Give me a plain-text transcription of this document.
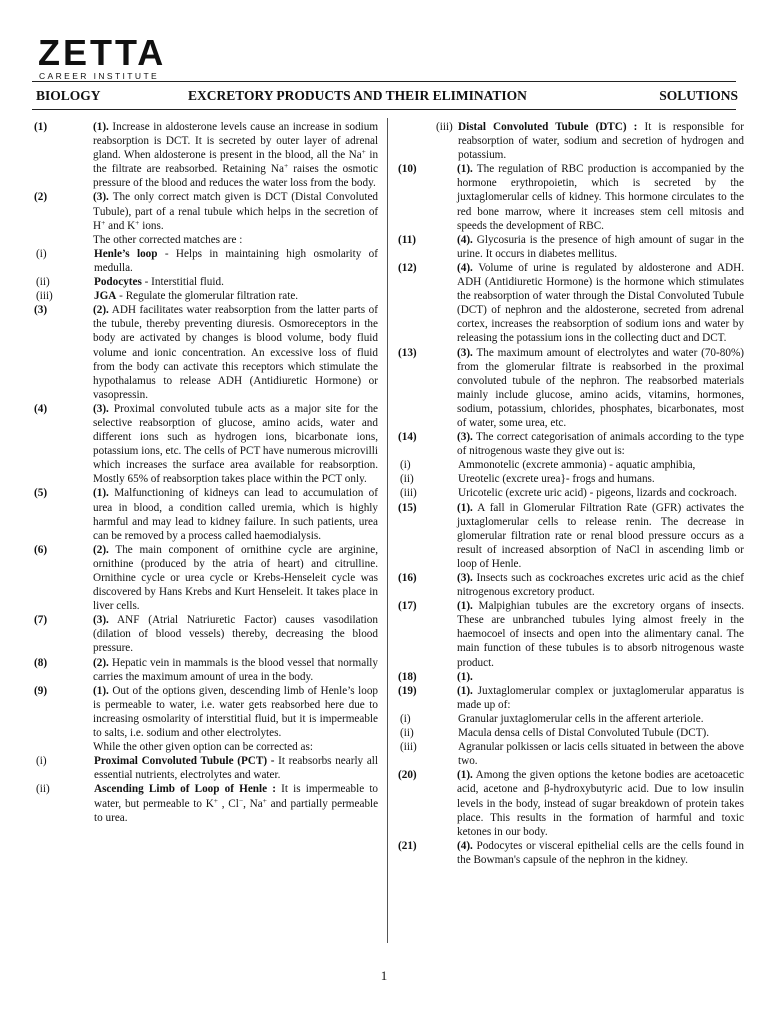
ZETTA
CAREER INSTITUTE
BIOLOGY	EXCRETORY PRODUCTS AND THEIR ELIMINATION	SOLUTIONS

(1)	(1). Increase in aldosterone levels cause an increase in sodium reabsorption is DCT. It is secreted by outer layer of adrenal gland. When aldosterone is present in the blood, all the Na+ in the filtrate are reabsorbed. Retaining Na+ raises the osmotic pressure of the blood and reduces the water loss from the body.

(2)	(3). The only correct match given is DCT (Distal Convoluted Tubule), part of a renal tubule which helps in the secretion of H+ and K+ ions.

The other corrected matches are :

(i)	Henle’s loop - Helps in maintaining high osmolarity of medulla.

(ii)	Podocytes - Interstitial fluid.

(iii)	JGA - Regulate the glomerular filtration rate.

(3)	(2). ADH facilitates water reabsorption from the latter parts of the tubule, thereby preventing diuresis. Osmoreceptors in the body are activated by changes is blood volume, body fluid volume and ionic concentration. An excessive loss of fluid from the body can activate this receptors which stimulate the hypothalamus to release ADH (Antidiuretic Hormone) or vasopressin.

(4)	(3). Proximal convoluted tubule acts as a major site for the selective reabsorption of glucose, amino acids, water and different ions such as hydrogen ions, bicarbonate ions, potassium ions, etc. The cells of PCT have numerous microvilli which increases the surface area available for reabsorption. Mostly 65% of reabsorption takes place within the PCT only.

(5)	(1). Malfunctioning of kidneys can lead to accumulation of urea in blood, a condition called uremia, which is highly harmful and may lead to kidney failure. In such patients, urea can be removed by a process called haemodialysis.

(6)	(2). The main component of ornithine cycle are arginine, ornithine (produced by the atria of heart) and citrulline. Ornithine cycle or urea cycle or Krebs-Henseleit cycle was discovered by Hans Krebs and Kurt Henseleit. It takes place in liver cells.

(7)	(3). ANF (Atrial Natriuretic Factor) causes vasodilation (dilation of blood vessels) thereby, decreasing the blood pressure.

(8)	(2). Hepatic vein in mammals is the blood vessel that normally carries the maximum amount of urea in the body.

(9)	(1). Out of the options given, descending limb of Henle’s loop is permeable to water, i.e. water gets reabsorbed here due to increasing osmolarity of interstitial fluid, but it is impermeable to salts, i.e. sodium and other electrolytes.

While the other given option can be corrected as:

(i)	Proximal Convoluted Tubule (PCT) - It reabsorbs nearly all essential nutrients, electrolytes and water.

(ii)	Ascending Limb of Loop of Henle : It is impermeable to water, but permeable to K+ , Cl−, Na+ and partially permeable to urea.

(iii) Distal Convoluted Tubule (DTC) : It is responsible for reabsorption of water, sodium and secretion of hydrogen and potassium.

(10)	(1). The regulation of RBC production is accompanied by the hormone erythropoietin, which is secreted by the juxtaglomerular cells of kidney. This hormone circulates to the red bone marrow, where it increases stem cell mitosis and speeds the development of RBC.

(11)	(4). Glycosuria is the presence of high amount of sugar in the urine. It occurs in diabetes mellitus.

(12)	(4). Volume of urine is regulated by aldosterone and ADH. ADH (Antidiuretic Hormone) is the hormone which stimulates the reabsorption of water through the Distal Convoluted Tubule (DCT) of nephron and the aldosterone, secreted from adrenal cortex, increases the reabsorption of sodium ions and water by releasing the potassium ions in the collecting duct and DCT.

(13)	(3). The maximum amount of electrolytes and water (70-80%) from the glomerular filtrate is reabsorbed in the proximal convoluted tubule of the nephron. The reabsorbed materials mainly include glucose, amino acids, vitamins, hormones, sodium, potassium, chlorides, phosphates, bicarbonates, most of water, some urea, etc.

(14)	(3). The correct categorisation of animals according to the type of nitrogenous waste they give out is:

(i)	Ammonotelic (excrete ammonia) - aquatic amphibia,

(ii)	Ureotelic (excrete urea}- frogs and humans.

(iii)	Uricotelic (excrete uric acid) - pigeons, lizards and cockroach.

(15)	(1). A fall in Glomerular Filtration Rate (GFR) activates the juxtaglomerular cells to release renin. The decrease in glomerular filtration rate or renal blood pressure occurs as a result of increased absorption of NaCl in ascending limb or loop of Henle.

(16)	(3). Insects such as cockroaches excretes uric acid as the chief nitrogenous excretory product.

(17)	(1). Malpighian tubules are the excretory organs of insects. These are unbranched tubules lying almost freely in the haemocoel of insects and open into the alimentary canal. The main function of these tubules is to absorb nitrogenous waste product.

(18)	(1).

(19)	(1). Juxtaglomerular complex or juxtaglomerular apparatus is made up of:

(i)	Granular juxtaglomerular cells in the afferent arteriole.

(ii)	Macula densa cells of Distal Convoluted Tubule (DCT).

(iii)	Agranular polkissen or lacis cells situated in between the above two.

(20)	(1). Among the given options the ketone bodies are acetoacetic acid, acetone and β-hydroxybutyric acid. Due to low insulin levels in the body, instead of sugar breakdown of protein takes place. This results in the formation of harmful and toxic ketones in our body.

(21)	(4). Podocytes or visceral epithelial cells are the cells found in the Bowman's capsule of the nephron in the kidney.

1
